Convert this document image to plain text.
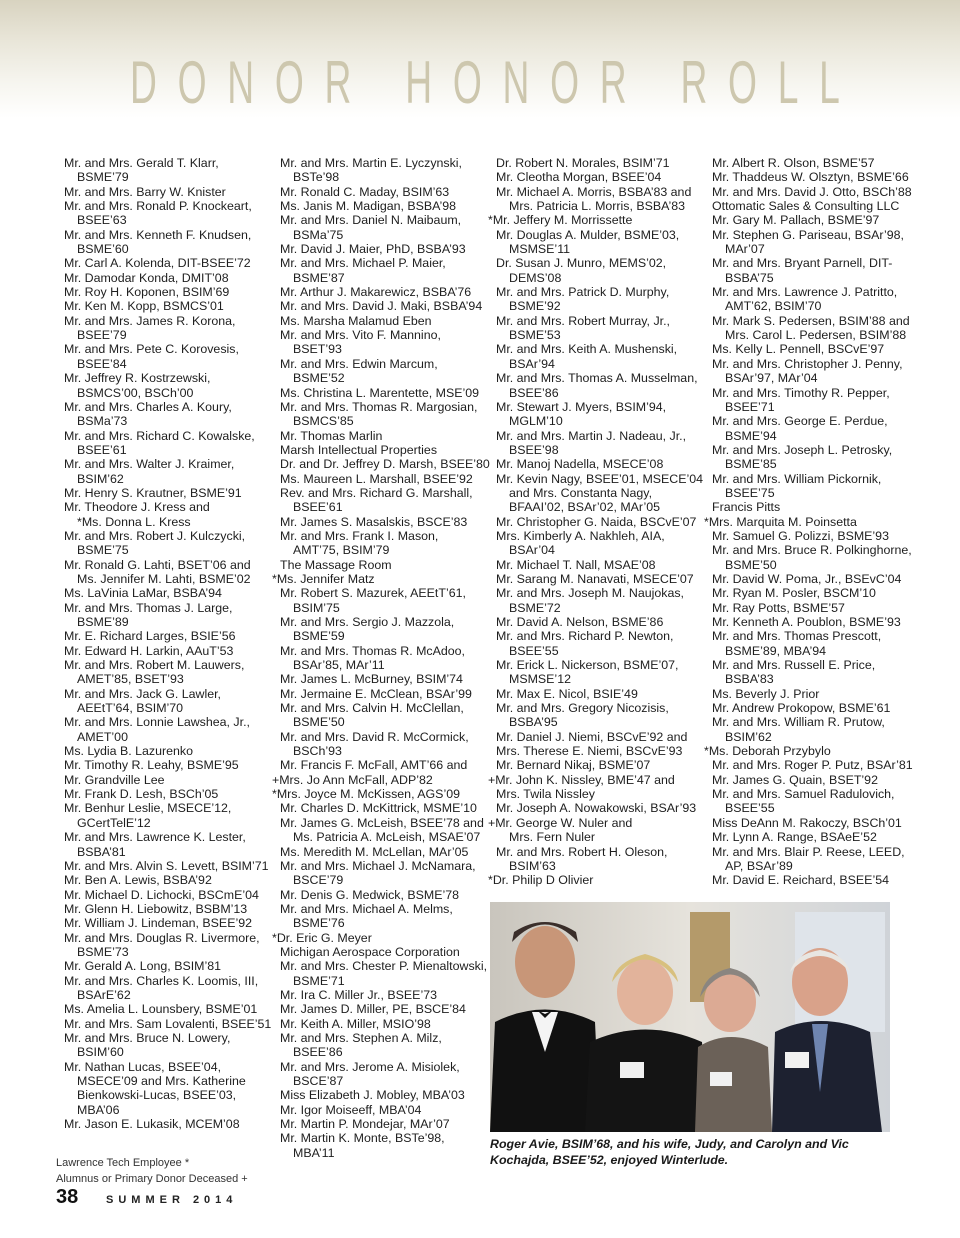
D O N O R H O N O R R O L L

Mr. and Mrs. Gerald T. Klarr,

BSME’79

Mr. and Mrs. Barry W. Knister

Mr. and Mrs. Ronald P. Knockeart,

BSEE’63

Mr. and Mrs. Kenneth F. Knudsen,

BSME’60

Mr. Carl A. Kolenda, DIT-BSEE’72

Mr. Damodar Konda, DMIT’08

Mr. Roy H. Koponen, BSIM’69

Mr. Ken M. Kopp, BSMCS’01

Mr. and Mrs. James R. Korona,

BSEE’79

Mr. and Mrs. Pete C. Korovesis,

BSEE’84

Mr. Jeffrey R. Kostrzewski,

BSMCS’00, BSCh’00

Mr. and Mrs. Charles A. Koury,

BSMa’73

Mr. and Mrs. Richard C. Kowalske,

BSEE’61

Mr. and Mrs. Walter J. Kraimer,

BSIM’62

Mr. Henry S. Krautner, BSME’91

Mr. Theodore J. Kress and

*Ms. Donna L. Kress

Mr. and Mrs. Robert J. Kulczycki,

BSME’75

Mr. Ronald G. Lahti, BSET’06 and

Ms. Jennifer M. Lahti, BSME’02

Ms. LaVinia LaMar, BSBA’94

Mr. and Mrs. Thomas J. Large,

BSME’89

Mr. E. Richard Larges, BSIE’56

Mr. Edward H. Larkin, AAuT’53

Mr. and Mrs. Robert M. Lauwers,

AMET’85, BSET’93

Mr. and Mrs. Jack G. Lawler,

AEEtT’64, BSIM’70

Mr. and Mrs. Lonnie Lawshea, Jr.,

AMET’00

Ms. Lydia B. Lazurenko

Mr. Timothy R. Leahy, BSME’95

Mr. Grandville Lee

Mr. Frank D. Lesh, BSCh’05

Mr. Benhur Leslie, MSECE’12,

GCertTelE’12

Mr. and Mrs. Lawrence K. Lester,

BSBA’81

Mr. and Mrs. Alvin S. Levett, BSIM’71

Mr. Ben A. Lewis, BSBA’92

Mr. Michael D. Lichocki, BSCmE’04

Mr. Glenn H. Liebowitz, BSBM’13

Mr. William J. Lindeman, BSEE’92

Mr. and Mrs. Douglas R. Livermore,

BSME’73

Mr. Gerald A. Long, BSIM’81

Mr. and Mrs. Charles K. Loomis, III,

BSArE’62

Ms. Amelia L. Lounsbery, BSME’01

Mr. and Mrs. Sam Lovalenti, BSEE’51

Mr. and Mrs. Bruce N. Lowery,

BSIM’60

Mr. Nathan Lucas, BSEE’04,

MSECE’09 and Mrs. Katherine

Bienkowski-Lucas, BSEE’03,

MBA’06

Mr. Jason E. Lukasik, MCEM’08

Mr. and Mrs. Martin E. Lyczynski,

BSTe’98

Mr. Ronald C. Maday, BSIM’63

Ms. Janis M. Madigan, BSBA’98

Mr. and Mrs. Daniel N. Maibaum,

BSMa’75

Mr. David J. Maier, PhD, BSBA’93

Mr. and Mrs. Michael P. Maier,

BSME’87

Mr. Arthur J. Makarewicz, BSBA’76

Mr. and Mrs. David J. Maki, BSBA’94

Ms. Marsha Malamud Eben

Mr. and Mrs. Vito F. Mannino,

BSET’93

Mr. and Mrs. Edwin Marcum,

BSME’52

Ms. Christina L. Marentette, MSE’09

Mr. and Mrs. Thomas R. Margosian,

BSMCS’85

Mr. Thomas Marlin

Marsh Intellectual Properties

Dr. and Dr. Jeffrey D. Marsh, BSEE’80

Ms. Maureen L. Marshall, BSEE’92

Rev. and Mrs. Richard G. Marshall,

BSEE’61

Mr. James S. Masalskis, BSCE’83

Mr. and Mrs. Frank I. Mason,

AMT’75, BSIM’79

The Massage Room

*Ms. Jennifer Matz

Mr. Robert S. Mazurek, AEEtT’61,

BSIM’75

Mr. and Mrs. Sergio J. Mazzola,

BSME’59

Mr. and Mrs. Thomas R. McAdoo,

BSAr’85, MAr’11

Mr. James L. McBurney, BSIM’74

Mr. Jermaine E. McClean, BSAr’99

Mr. and Mrs. Calvin H. McClellan,

BSME’50

Mr. and Mrs. David R. McCormick,

BSCh’93

Mr. Francis F. McFall, AMT’66 and

+Mrs. Jo Ann McFall, ADP’82

*Mrs. Joyce M. McKissen, AGS’09

Mr. Charles D. McKittrick, MSME’10

Mr. James G. McLeish, BSEE’78 and

Ms. Patricia A. McLeish, MSAE’07

Ms. Meredith M. McLellan, MAr’05

Mr. and Mrs. Michael J. McNamara,

BSCE’79

Mr. Denis G. Medwick, BSME’78

Mr. and Mrs. Michael A. Melms,

BSME’76

*Dr. Eric G. Meyer

Michigan Aerospace Corporation

Mr. and Mrs. Chester P. Mienaltowski,

BSME’71

Mr. Ira C. Miller Jr., BSEE’73

Mr. James D. Miller, PE, BSCE’84

Mr. Keith A. Miller, MSIO’98

Mr. and Mrs. Stephen A. Milz,

BSEE’86

Mr. and Mrs. Jerome A. Misiolek,

BSCE’87

Miss Elizabeth J. Mobley, MBA’03

Mr. Igor Moiseeff, MBA’04

Mr. Martin P. Mondejar, MAr’07

Mr. Martin K. Monte, BSTe’98,

MBA’11

Dr. Robert N. Morales, BSIM’71

Mr. Cleotha Morgan, BSEE’04

Mr. Michael A. Morris, BSBA’83 and

Mrs. Patricia L. Morris, BSBA’83

*Mr. Jeffery M. Morrissette

Mr. Douglas A. Mulder, BSME’03,

MSMSE’11

Dr. Susan J. Munro, MEMS’02,

DEMS’08

Mr. and Mrs. Patrick D. Murphy,

BSME’92

Mr. and Mrs. Robert Murray, Jr.,

BSME’53

Mr. and Mrs. Keith A. Mushenski,

BSAr’94

Mr. and Mrs. Thomas A. Musselman,

BSEE’86

Mr. Stewart J. Myers, BSIM’94,

MGLM’10

Mr. and Mrs. Martin J. Nadeau, Jr.,

BSEE’98

Mr. Manoj Nadella, MSECE’08

Mr. Kevin Nagy, BSEE’01, MSECE’04

and Mrs. Constanta Nagy,

BFAAI’02, BSAr’02, MAr’05

Mr. Christopher G. Naida, BSCvE’07

Mrs. Kimberly A. Nakhleh, AIA,

BSAr’04

Mr. Michael T. Nall, MSAE’08

Mr. Sarang M. Nanavati, MSECE’07

Mr. and Mrs. Joseph M. Naujokas,

BSME’72

Mr. David A. Nelson, BSME’86

Mr. and Mrs. Richard P. Newton,

BSEE’55

Mr. Erick L. Nickerson, BSME’07,

MSMSE’12

Mr. Max E. Nicol, BSIE’49

Mr. and Mrs. Gregory Nicozisis,

BSBA’95

Mr. Daniel J. Niemi, BSCvE’92 and

Mrs. Therese E. Niemi, BSCvE’93

Mr. Bernard Nikaj, BSME’07

+Mr. John K. Nissley, BME’47 and

Mrs. Twila Nissley

Mr. Joseph A. Nowakowski, BSAr’93

+Mr. George W. Nuler and

Mrs. Fern Nuler

Mr. and Mrs. Robert H. Oleson,

BSIM’63

*Dr. Philip D Olivier

Mr. Albert R. Olson, BSME’57

Mr. Thaddeus W. Olsztyn, BSME’66

Mr. and Mrs. David J. Otto, BSCh’88

Ottomatic Sales & Consulting LLC

Mr. Gary M. Pallach, BSME’97

Mr. Stephen G. Pariseau, BSAr’98,

MAr’07

Mr. and Mrs. Bryant Parnell, DIT-

BSBA’75

Mr. and Mrs. Lawrence J. Patritto,

AMT’62, BSIM’70

Mr. Mark S. Pedersen, BSIM’88 and

Mrs. Carol L. Pedersen, BSIM’88

Ms. Kelly L. Pennell, BSCvE’97

Mr. and Mrs. Christopher J. Penny,

BSAr’97, MAr’04

Mr. and Mrs. Timothy R. Pepper,

BSEE’71

Mr. and Mrs. George E. Perdue,

BSME’94

Mr. and Mrs. Joseph L. Petrosky,

BSME’85

Mr. and Mrs. William Pickornik,

BSEE’75

Francis Pitts

*Mrs. Marquita M. Poinsetta

Mr. Samuel G. Polizzi, BSME’93

Mr. and Mrs. Bruce R. Polkinghorne,

BSME’50

Mr. David W. Poma, Jr., BSEvC’04

Mr. Ryan M. Posler, BSCM’10

Mr. Ray Potts, BSME’57

Mr. Kenneth A. Poublon, BSME’93

Mr. and Mrs. Thomas Prescott,

BSME’89, MBA’94

Mr. and Mrs. Russell E. Price,

BSBA’83

Ms. Beverly J. Prior

Mr. Andrew Prokopow, BSME’61

Mr. and Mrs. William R. Prutow,

BSIM’62

*Ms. Deborah Przybylo

Mr. and Mrs. Roger P. Putz, BSAr’81

Mr. James G. Quain, BSET’92

Mr. and Mrs. Samuel Radulovich,

BSEE’55

Miss DeAnn M. Rakoczy, BSCh’01

Mr. Lynn A. Range, BSAeE’52

Mr. and Mrs. Blair P. Reese, LEED,

AP, BSAr’89

Mr. David E. Reichard, BSEE’54

Roger Avie, BSIM’68, and his wife, Judy, and Carolyn and Vic Kochajda, BSEE’52, enjoyed Winterlude.
Lawrence Tech Employee *
Alumnus or Primary Donor Deceased +
38	SUMMER 2014
